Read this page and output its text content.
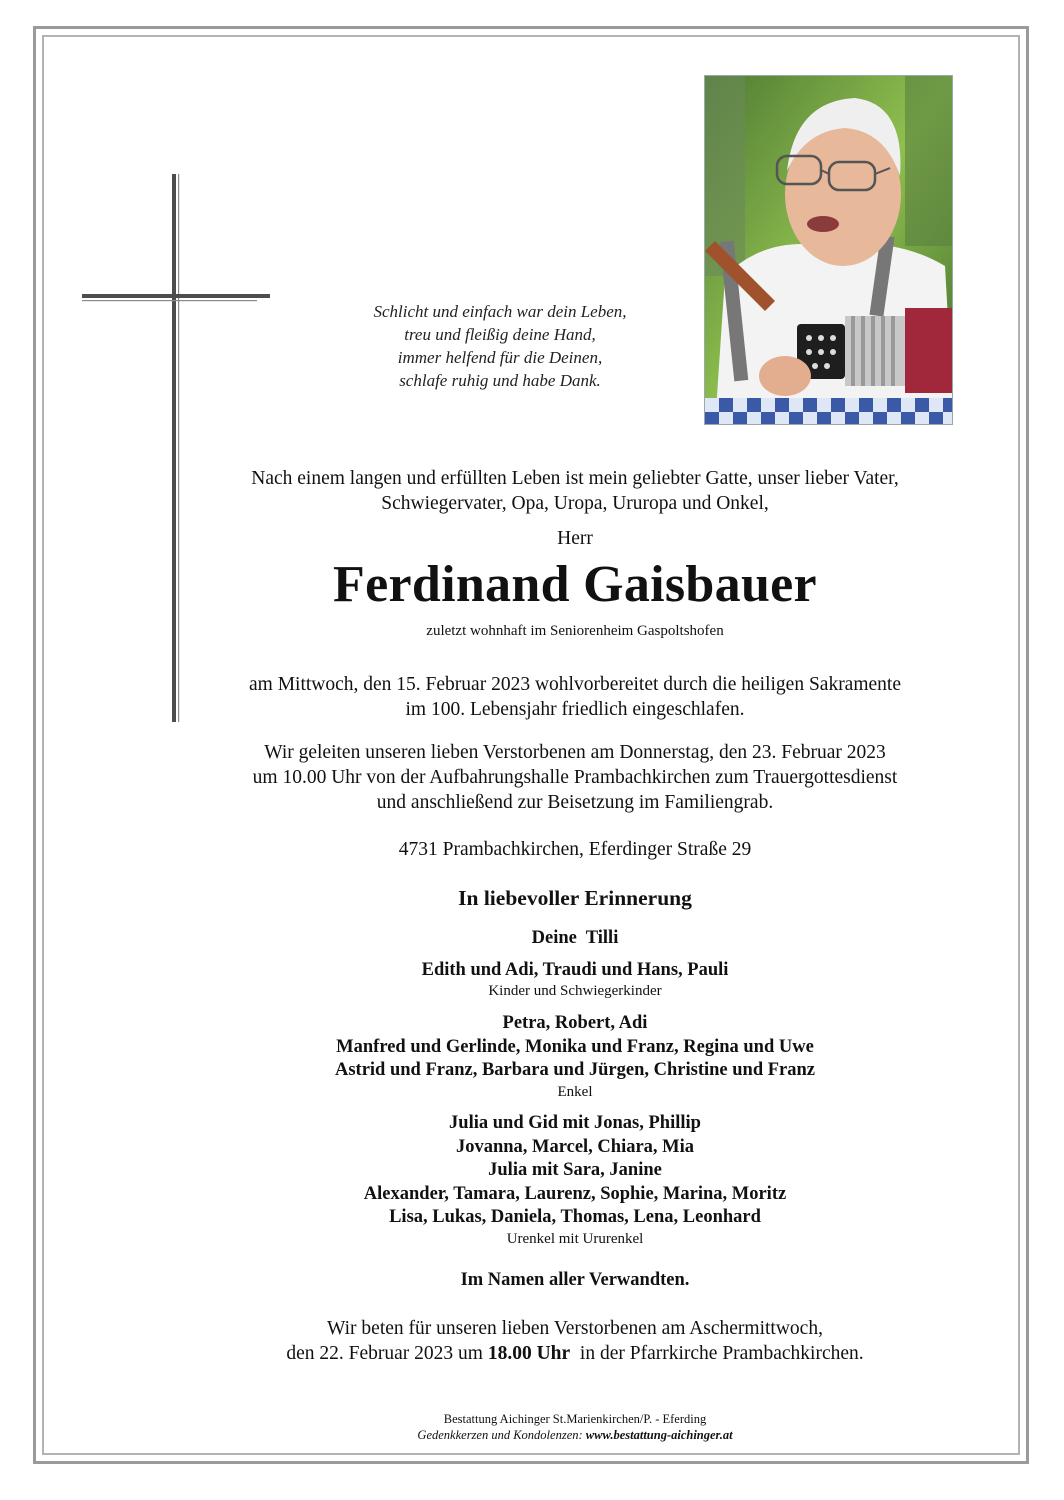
Schlicht und einfach war dein Leben,
treu und fleißig deine Hand,
immer helfend für die Deinen,
schlafe ruhig und habe Dank.
Nach einem langen und erfüllten Leben ist mein geliebter Gatte, unser lieber Vater,
Schwiegervater, Opa, Uropa, Ururopa und Onkel,
Herr
Ferdinand Gaisbauer
zuletzt wohnhaft im Seniorenheim Gaspoltshofen
am Mittwoch, den 15. Februar 2023 wohlvorbereitet durch die heiligen Sakramente
im 100. Lebensjahr friedlich eingeschlafen.
Wir geleiten unseren lieben Verstorbenen am Donnerstag, den 23. Februar 2023
um 10.00 Uhr von der Aufbahrungshalle Prambachkirchen zum Trauergottesdienst
und anschließend zur Beisetzung im Familiengrab.
4731 Prambachkirchen, Eferdinger Straße 29
In liebevoller Erinnerung
Deine  Tilli
Edith und Adi, Traudi und Hans, Pauli
Kinder und Schwiegerkinder
Petra, Robert, Adi
Manfred und Gerlinde, Monika und Franz, Regina und Uwe
Astrid und Franz, Barbara und Jürgen, Christine und Franz
Enkel
Julia und Gid mit Jonas, Phillip
Jovanna, Marcel, Chiara, Mia
Julia mit Sara, Janine
Alexander, Tamara, Laurenz, Sophie, Marina, Moritz
Lisa, Lukas, Daniela, Thomas, Lena, Leonhard
Urenkel mit Ururenkel
Im Namen aller Verwandten.
Wir beten für unseren lieben Verstorbenen am Aschermittwoch,
den 22. Februar 2023 um 18.00 Uhr  in der Pfarrkirche Prambachkirchen.
Bestattung Aichinger St.Marienkirchen/P. - Eferding
Gedenkkerzen und Kondolenzen: www.bestattung-aichinger.at
